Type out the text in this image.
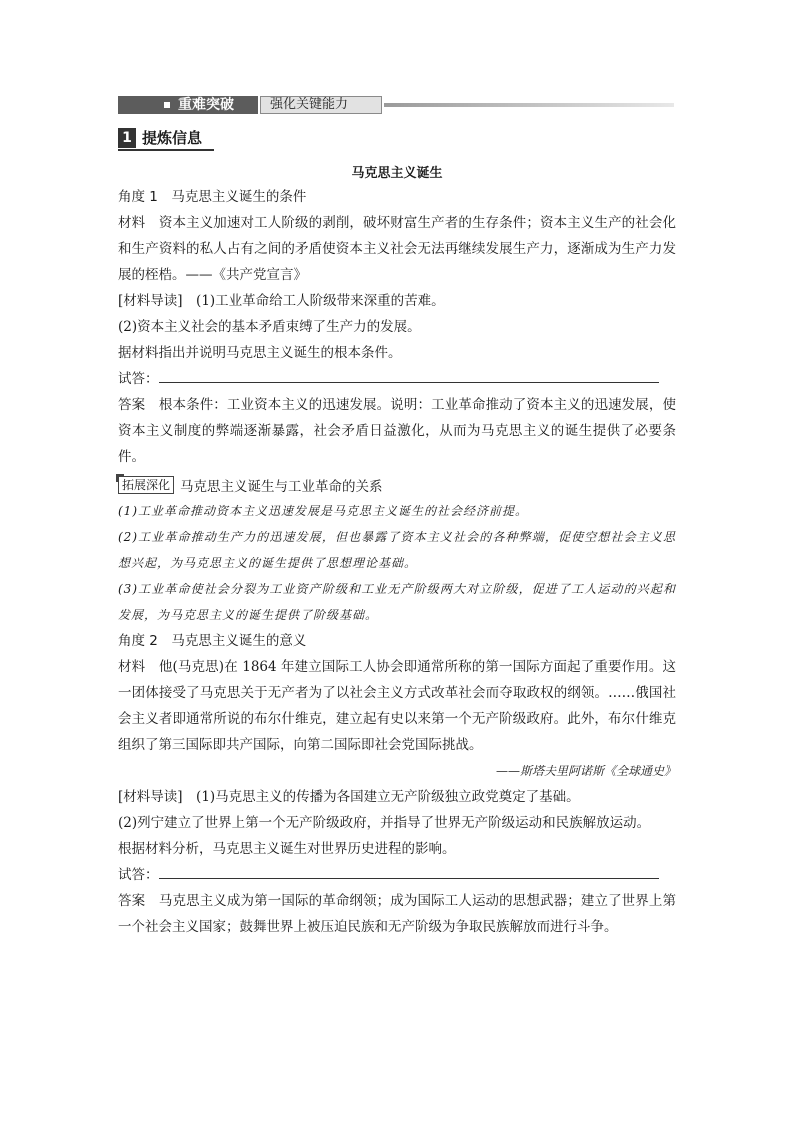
重难突破	强化关键能力
1 提炼信息
马克思主义诞生

角度 1　马克思主义诞生的条件

材料　 资本主义加速对工人阶级的剥削，破坏财富生产者的生存条件；资本主义生产的社会化和生产资料的私人占有之间的矛盾使资本主义社会无法再继续发展生产力，逐渐成为生产力发展的桎梏。——《共产党宣言》

[材料导读]　 (1)工业革命给工人阶级带来深重的苦难。

(2)资本主义社会的基本矛盾束缚了生产力的发展。

据材料指出并说明马克思主义诞生的根本条件。

试答：

答案　 根本条件：工业资本主义的迅速发展。说明：工业革命推动了资本主义的迅速发展，使资本主义制度的弊端逐渐暴露，社会矛盾日益激化，从而为马克思主义的诞生提供了必要条件。

拓展深化 马克思主义诞生与工业革命的关系

(1)工业革命推动资本主义迅速发展是马克思主义诞生的社会经济前提。

(2)工业革命推动生产力的迅速发展，但也暴露了资本主义社会的各种弊端，促使空想社会主义思想兴起，为马克思主义的诞生提供了思想理论基础。

(3)工业革命使社会分裂为工业资产阶级和工业无产阶级两大对立阶级，促进了工人运动的兴起和发展，为马克思主义的诞生提供了阶级基础。

角度 2　马克思主义诞生的意义

材料　 他(马克思)在 1864 年建立国际工人协会即通常所称的第一国际方面起了重要作用。这一团体接受了马克思关于无产者为了以社会主义方式改革社会而夺取政权的纲领。……俄国社会主义者即通常所说的布尔什维克，建立起有史以来第一个无产阶级政府。此外，布尔什维克组织了第三国际即共产国际，向第二国际即社会党国际挑战。

——斯塔夫里阿诺斯《全球通史》

[材料导读]　 (1)马克思主义的传播为各国建立无产阶级独立政党奠定了基础。

(2)列宁建立了世界上第一个无产阶级政府，并指导了世界无产阶级运动和民族解放运动。

根据材料分析，马克思主义诞生对世界历史进程的影响。

试答：

答案　 马克思主义成为第一国际的革命纲领；成为国际工人运动的思想武器；建立了世界上第一个社会主义国家；鼓舞世界上被压迫民族和无产阶级为争取民族解放而进行斗争。
